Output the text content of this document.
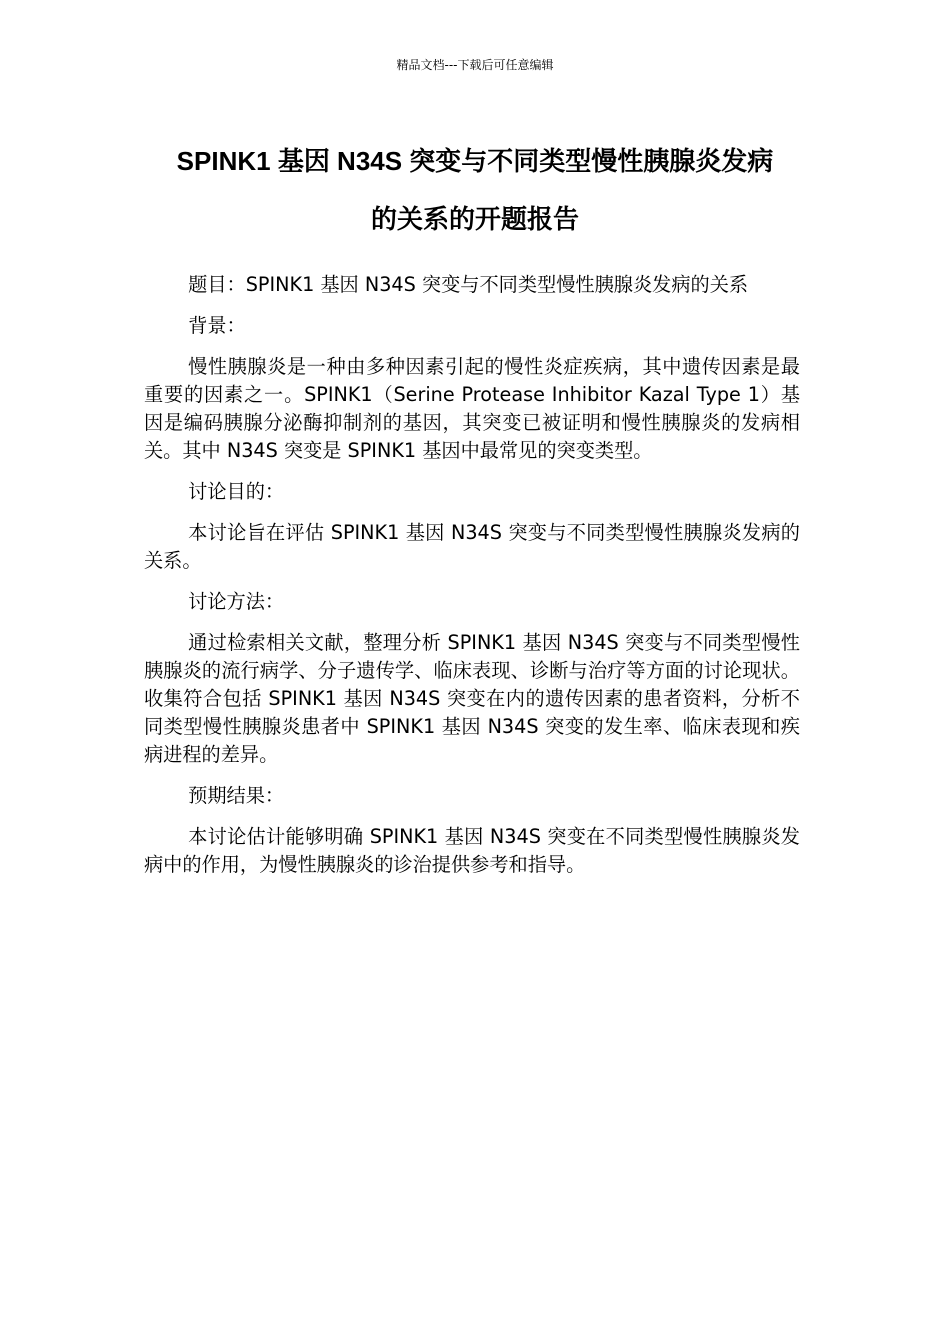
精品文档---下载后可任意编辑
SPINK1 基因 N34S 突变与不同类型慢性胰腺炎发病
的关系的开题报告

题目：SPINK1 基因 N34S 突变与不同类型慢性胰腺炎发病的关系

背景：

慢性胰腺炎是一种由多种因素引起的慢性炎症疾病，其中遗传因素是最重要的因素之一。SPINK1（Serine Protease Inhibitor Kazal Type 1）基因是编码胰腺分泌酶抑制剂的基因，其突变已被证明和慢性胰腺炎的发病相关。其中 N34S 突变是 SPINK1 基因中最常见的突变类型。

讨论目的：

本讨论旨在评估 SPINK1 基因 N34S 突变与不同类型慢性胰腺炎发病的关系。

讨论方法：

通过检索相关文献，整理分析 SPINK1 基因 N34S 突变与不同类型慢性胰腺炎的流行病学、分子遗传学、临床表现、诊断与治疗等方面的讨论现状。收集符合包括 SPINK1 基因 N34S 突变在内的遗传因素的患者资料，分析不同类型慢性胰腺炎患者中 SPINK1 基因 N34S 突变的发生率、临床表现和疾病进程的差异。

预期结果：

本讨论估计能够明确 SPINK1 基因 N34S 突变在不同类型慢性胰腺炎发病中的作用，为慢性胰腺炎的诊治提供参考和指导。
